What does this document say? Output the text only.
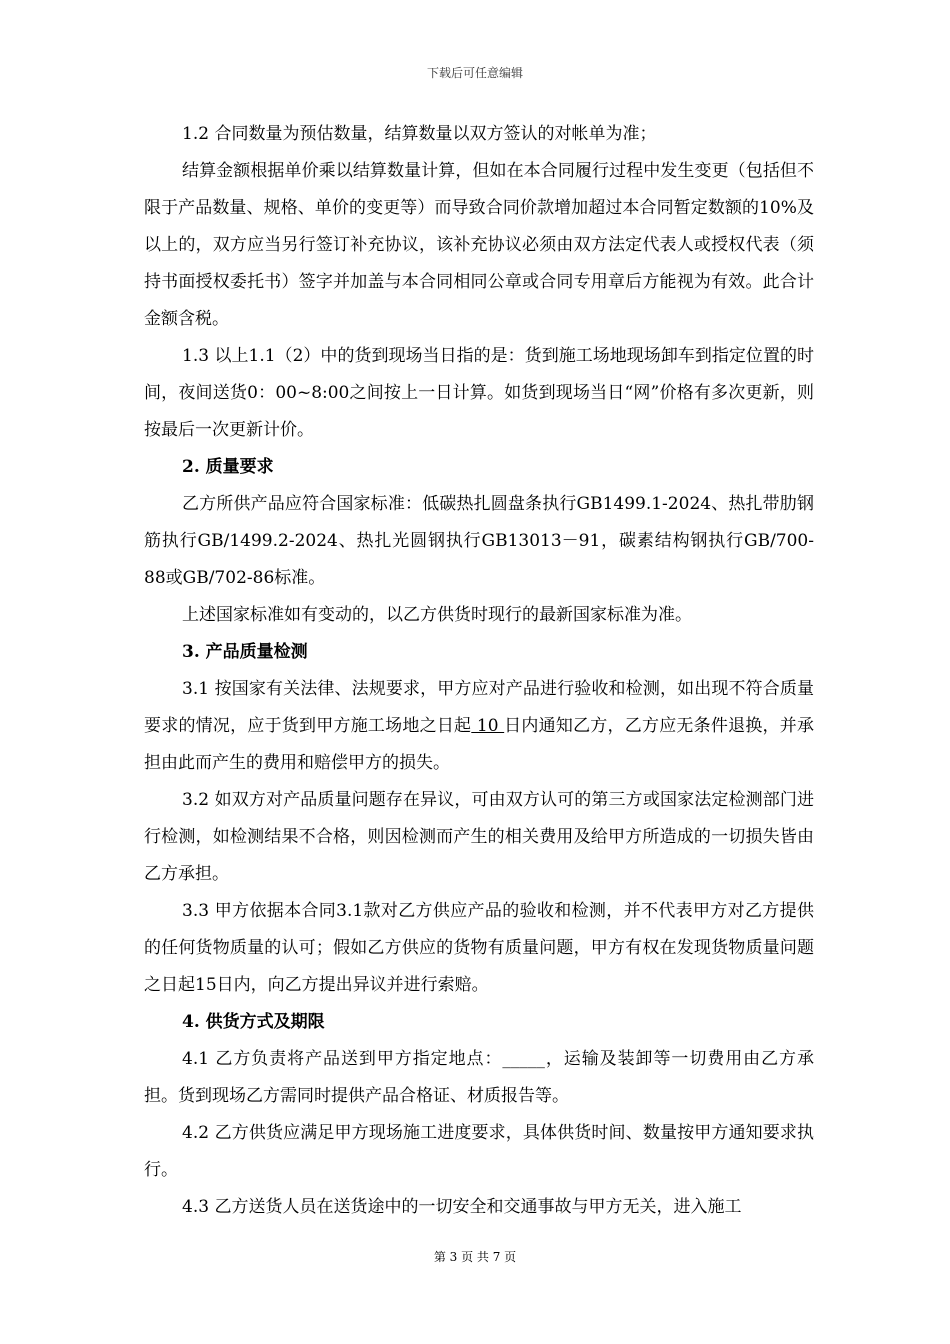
下载后可任意编辑

1.2 合同数量为预估数量，结算数量以双方签认的对帐单为准；

结算金额根据单价乘以结算数量计算，但如在本合同履行过程中发生变更（包括但不限于产品数量、规格、单价的变更等）而导致合同价款增加超过本合同暂定数额的10%及以上的，双方应当另行签订补充协议，该补充协议必须由双方法定代表人或授权代表（须持书面授权委托书）签字并加盖与本合同相同公章或合同专用章后方能视为有效。此合计金额含税。

1.3 以上1.1（2）中的货到现场当日指的是：货到施工场地现场卸车到指定位置的时间，夜间送货0：00~8:00之间按上一日计算。如货到现场当日“网”价格有多次更新，则按最后一次更新计价。

2. 质量要求

乙方所供产品应符合国家标准：低碳热扎圆盘条执行GB1499.1-2024、热扎带肋钢筋执行GB/1499.2-2024、热扎光圆钢执行GB13013－91，碳素结构钢执行GB/700-88或GB/702-86标准。

上述国家标准如有变动的，以乙方供货时现行的最新国家标准为准。

3. 产品质量检测

3.1 按国家有关法律、法规要求，甲方应对产品进行验收和检测，如出现不符合质量要求的情况，应于货到甲方施工场地之日起 10 日内通知乙方，乙方应无条件退换，并承担由此而产生的费用和赔偿甲方的损失。

3.2 如双方对产品质量问题存在异议，可由双方认可的第三方或国家法定检测部门进行检测，如检测结果不合格，则因检测而产生的相关费用及给甲方所造成的一切损失皆由乙方承担。

3.3 甲方依据本合同3.1款对乙方供应产品的验收和检测，并不代表甲方对乙方提供的任何货物质量的认可；假如乙方供应的货物有质量问题，甲方有权在发现货物质量问题之日起15日内，向乙方提出异议并进行索赔。

4. 供货方式及期限

4.1 乙方负责将产品送到甲方指定地点：_____，运输及装卸等一切费用由乙方承担。货到现场乙方需同时提供产品合格证、材质报告等。

4.2 乙方供货应满足甲方现场施工进度要求，具体供货时间、数量按甲方通知要求执行。

4.3 乙方送货人员在送货途中的一切安全和交通事故与甲方无关，进入施工

第 3 页 共 7 页
